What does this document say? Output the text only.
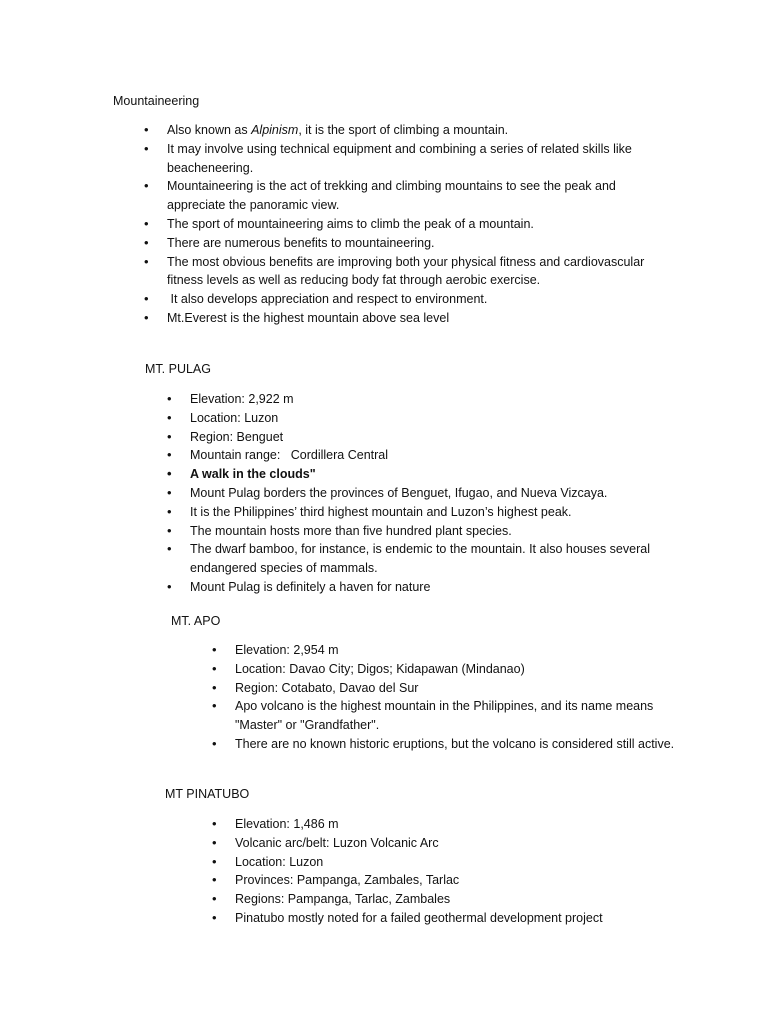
Mountaineering
• Also known as Alpinism, it is the sport of climbing a mountain.
• It may involve using technical equipment and combining a series of related skills like beacheneering.
• Mountaineering is the act of trekking and climbing mountains to see the peak and appreciate the panoramic view.
• The sport of mountaineering aims to climb the peak of a mountain.
• There are numerous benefits to mountaineering.
• The most obvious benefits are improving both your physical fitness and cardiovascular fitness levels as well as reducing body fat through aerobic exercise.
•  It also develops appreciation and respect to environment.
• Mt.Everest is the highest mountain above sea level
MT. PULAG
• Elevation: 2,922 m
• Location: Luzon
• Region: Benguet
• Mountain range:   Cordillera Central
• A walk in the clouds"
• Mount Pulag borders the provinces of Benguet, Ifugao, and Nueva Vizcaya.
• It is the Philippines’ third highest mountain and Luzon’s highest peak.
• The mountain hosts more than five hundred plant species.
• The dwarf bamboo, for instance, is endemic to the mountain. It also houses several endangered species of mammals.
• Mount Pulag is definitely a haven for nature
MT. APO
• Elevation: 2,954 m
• Location: Davao City; Digos; Kidapawan (Mindanao)
• Region: Cotabato, Davao del Sur
• Apo volcano is the highest mountain in the Philippines, and its name means "Master" or "Grandfather".
• There are no known historic eruptions, but the volcano is considered still active.
MT PINATUBO
• Elevation: 1,486 m
• Volcanic arc/belt: Luzon Volcanic Arc
• Location: Luzon
• Provinces: Pampanga, Zambales, Tarlac
• Regions: Pampanga, Tarlac, Zambales
• Pinatubo mostly noted for a failed geothermal development project
